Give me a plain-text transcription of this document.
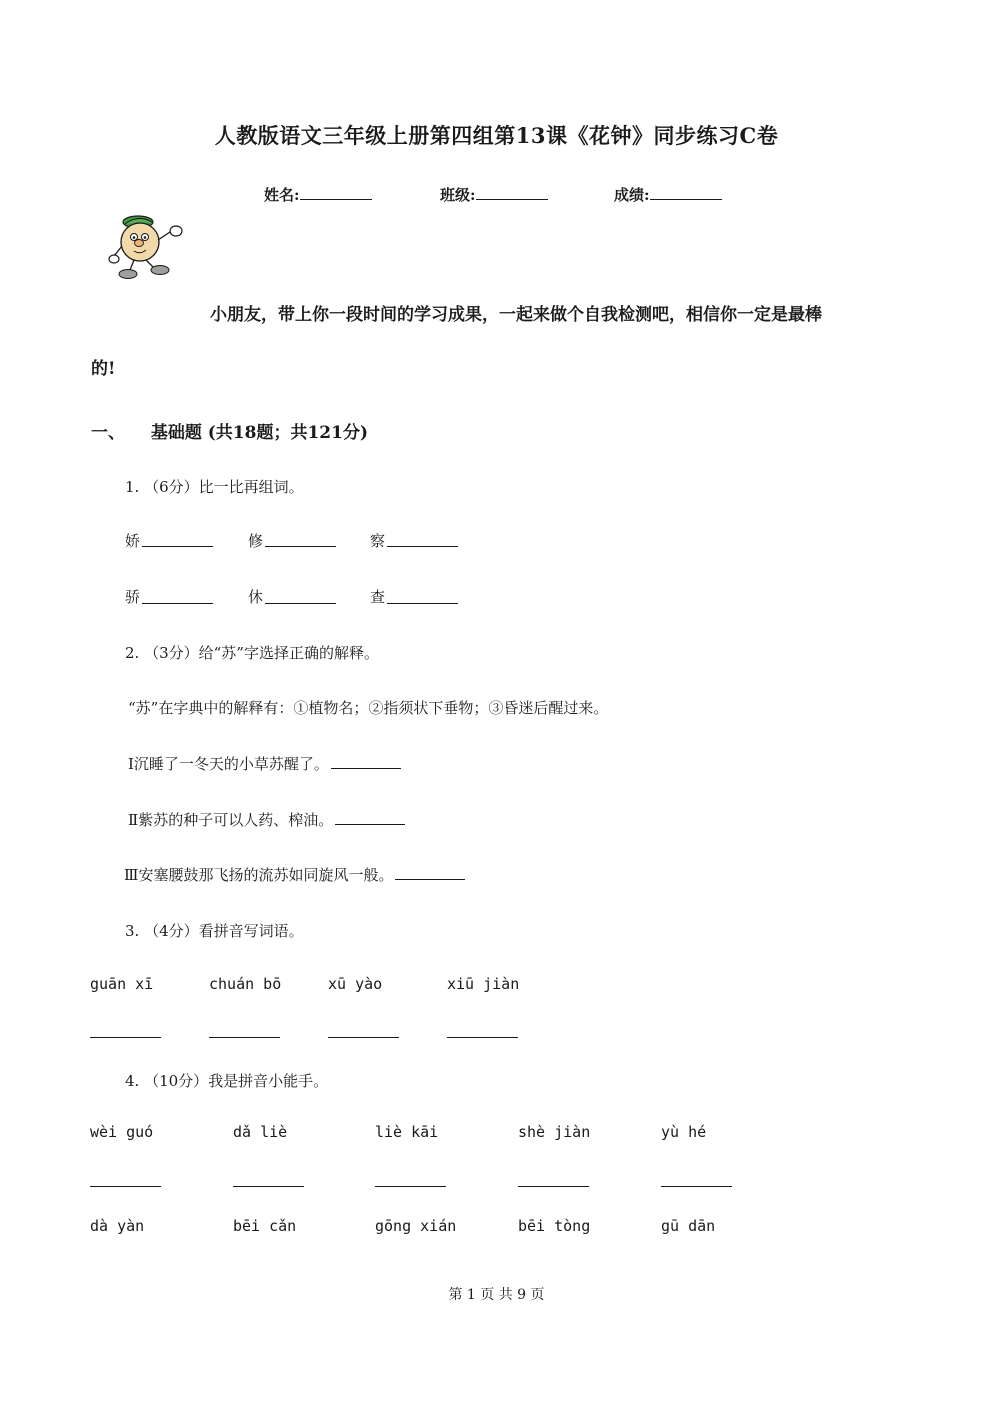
人教版语文三年级上册第四组第13课《花钟》同步练习C卷
姓名:	班级:	成绩:
小朋友，带上你一段时间的学习成果，一起来做个自我检测吧，相信你一定是最棒
的!
一、 基础题 (共18题；共121分)
1. （6分）比一比再组词。
娇	修	察
骄	休	查
2. （3分）给“苏”字选择正确的解释。
“苏”在字典中的解释有：①植物名；②指须状下垂物；③昏迷后醒过来。
Ⅰ沉睡了一冬天的小草苏醒了。
Ⅱ紫苏的种子可以人药、榨油。
Ⅲ安塞腰鼓那飞扬的流苏如同旋风一般。
3. （4分）看拼音写词语。
guān xī	chuán bō	xū yào	xiū jiàn
4. （10分）我是拼音小能手。
wèi guó	dǎ liè	liè kāi	shè jiàn	yù hé
dà yàn	bēi cǎn	gōng xián	bēi tòng	gū dān
第 1 页 共 9 页
